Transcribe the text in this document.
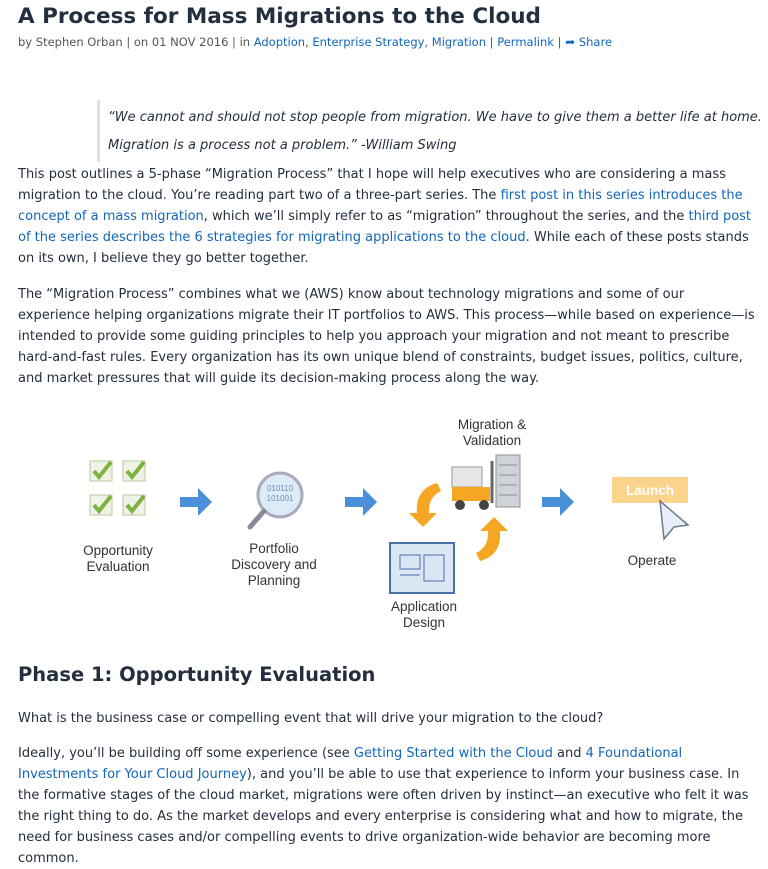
A Process for Mass Migrations to the Cloud
by Stephen Orban | on 01 NOV 2016 | in Adoption, Enterprise Strategy, Migration | Permalink | ➦ Share

“We cannot and should not stop people from migration. We have to give them a better life at home.

Migration is a process not a problem.” -William Swing

This post outlines a 5-phase “Migration Process” that I hope will help executives who are considering a mass migration to the cloud. You’re reading part two of a three-part series. The first post in this series introduces the concept of a mass migration, which we’ll simply refer to as “migration” throughout the series, and the third post of the series describes the 6 strategies for migrating applications to the cloud. While each of these posts stands on its own, I believe they go better together.

The “Migration Process” combines what we (AWS) know about technology migrations and some of our experience helping organizations migrate their IT portfolios to AWS. This process—while based on experience—is intended to provide some guiding principles to help you approach your migration and not meant to prescribe hard-and-fast rules. Every organization has its own unique blend of constraints, budget issues, politics, culture, and market pressures that will guide its decision-making process along the way.

Opportunity
Evaluation
010110
101001
Portfolio
Discovery and
Planning
Migration &
Validation
Application
Design
Launch
Operate
Phase 1: Opportunity Evaluation

What is the business case or compelling event that will drive your migration to the cloud?

Ideally, you’ll be building off some experience (see Getting Started with the Cloud and 4 Foundational Investments for Your Cloud Journey), and you’ll be able to use that experience to inform your business case. In the formative stages of the cloud market, migrations were often driven by instinct—an executive who felt it was the right thing to do. As the market develops and every enterprise is considering what and how to migrate, the need for business cases and/or compelling events to drive organization-wide behavior are becoming more common.
